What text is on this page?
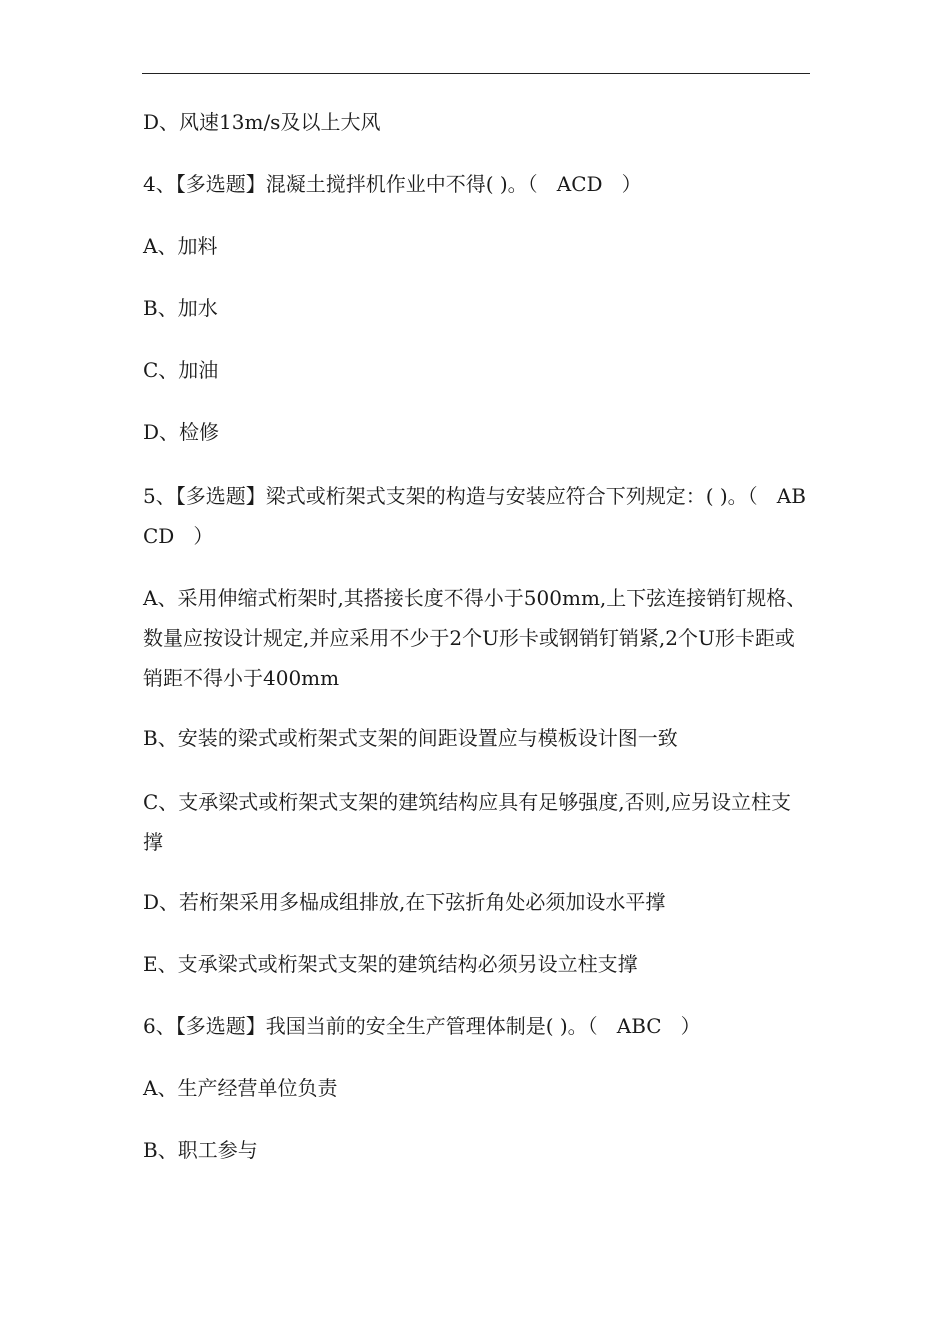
D、风速13m/s及以上大风

4、【多选题】混凝土搅拌机作业中不得( )。（   ACD   ）

A、加料

B、加水

C、加油

D、检修

5、【多选题】梁式或桁架式支架的构造与安装应符合下列规定：( )。（   ABCD   ）

A、采用伸缩式桁架时,其搭接长度不得小于500mm,上下弦连接销钉规格、数量应按设计规定,并应采用不少于2个U形卡或钢销钉销紧,2个U形卡距或销距不得小于400mm

B、安装的梁式或桁架式支架的间距设置应与模板设计图一致

C、支承梁式或桁架式支架的建筑结构应具有足够强度,否则,应另设立柱支撑

D、若桁架采用多榀成组排放,在下弦折角处必须加设水平撑

E、支承梁式或桁架式支架的建筑结构必须另设立柱支撑

6、【多选题】我国当前的安全生产管理体制是( )。（   ABC   ）

A、生产经营单位负责

B、职工参与
